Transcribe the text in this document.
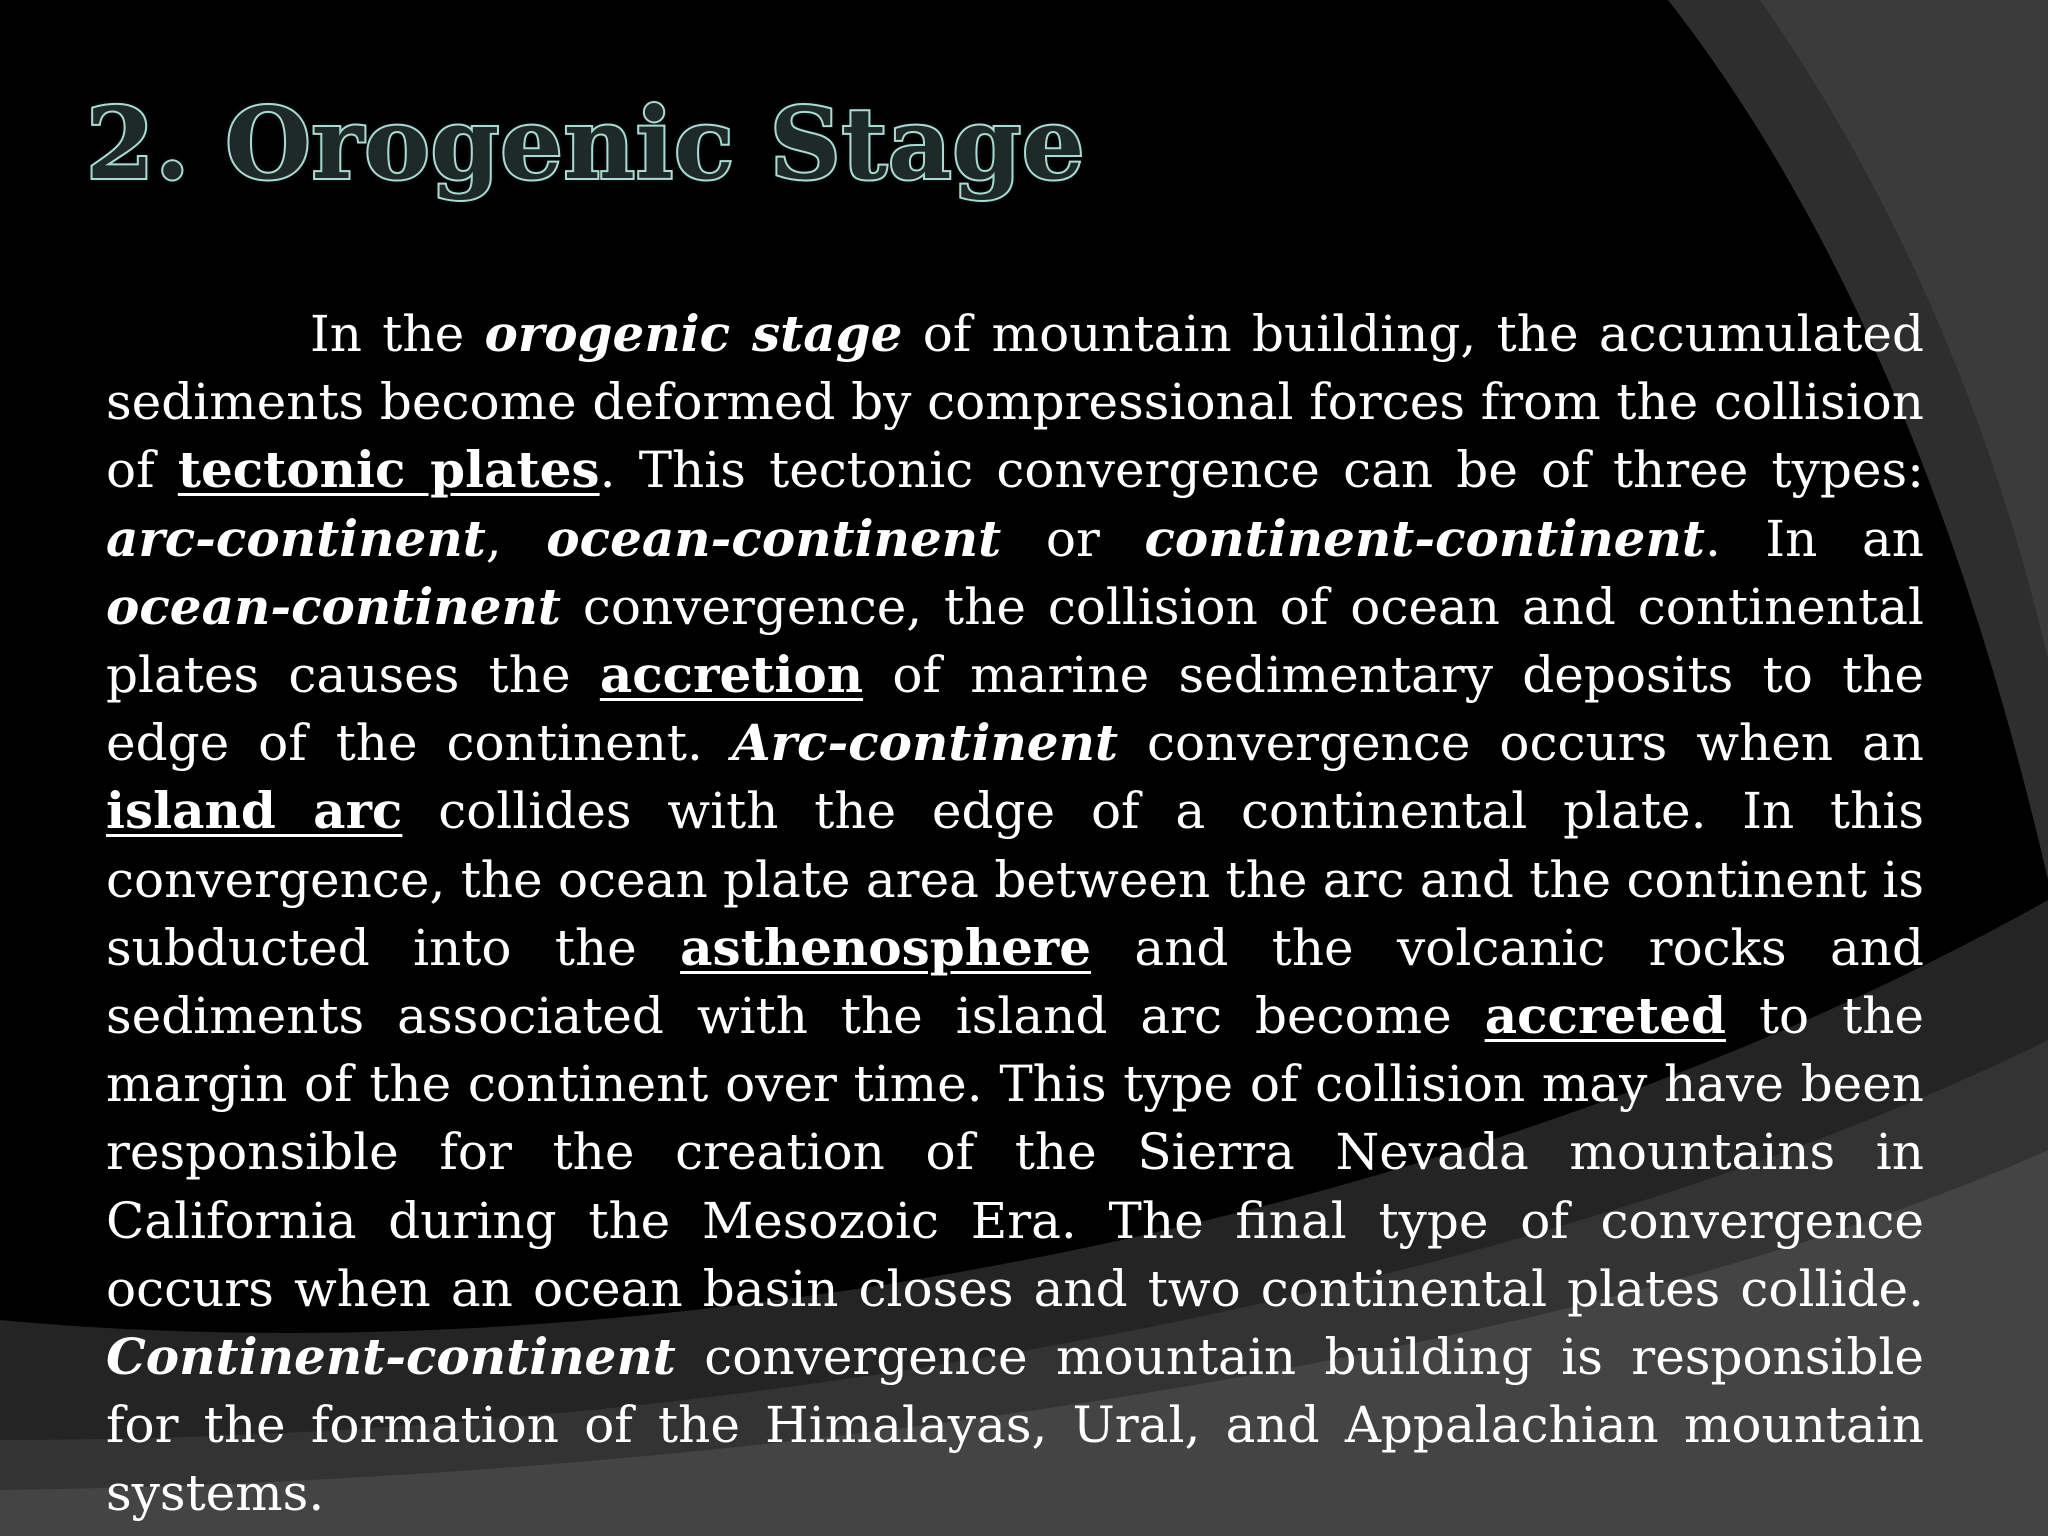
2. Orogenic Stage

In the orogenic stage of mountain building, the accumulated sediments become deformed by compressional forces from the collision of tectonic plates. This tectonic convergence can be of three types: arc-continent, ocean-continent or continent-continent. In an ocean-continent convergence, the collision of ocean and continental plates causes the accretion of marine sedimentary deposits to the edge of the continent. Arc-continent convergence occurs when an island arc collides with the edge of a continental plate. In this convergence, the ocean plate area between the arc and the continent is subducted into the asthenosphere and the volcanic rocks and sediments associated with the island arc become accreted to the margin of the continent over time. This type of collision may have been responsible for the creation of the Sierra Nevada mountains in California during the Mesozoic Era. The final type of convergence occurs when an ocean basin closes and two continental plates collide. Continent-continent convergence mountain building is responsible for the formation of the Himalayas, Ural, and Appalachian mountain systems.
